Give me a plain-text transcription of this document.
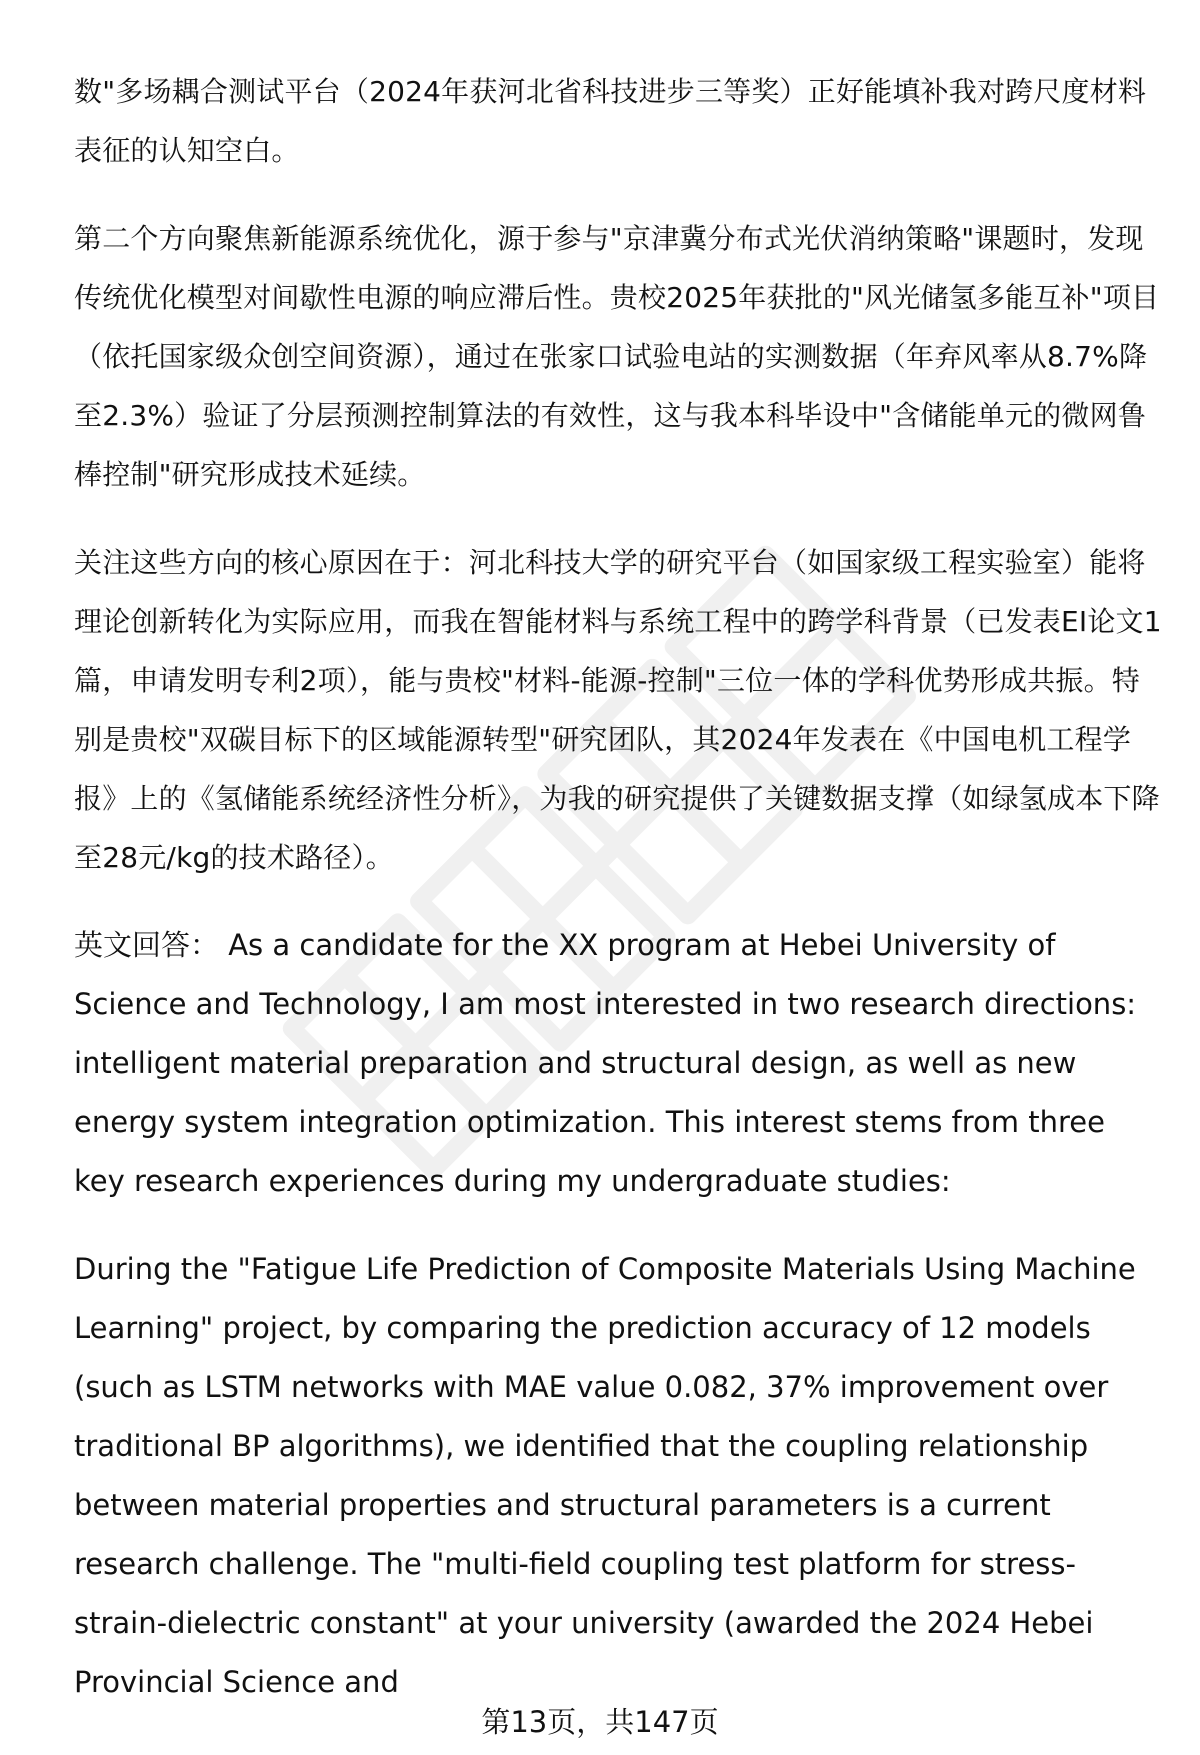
数"多场耦合测试平台（2024年获河北省科技进步三等奖）正好能填补我对跨尺度材料表征的认知空白。

第二个方向聚焦新能源系统优化，源于参与"京津冀分布式光伏消纳策略"课题时，发现传统优化模型对间歇性电源的响应滞后性。贵校2025年获批的"风光储氢多能互补"项目（依托国家级众创空间资源），通过在张家口试验电站的实测数据（年弃风率从8.7%降至2.3%）验证了分层预测控制算法的有效性，这与我本科毕设中"含储能单元的微网鲁棒控制"研究形成技术延续。

关注这些方向的核心原因在于：河北科技大学的研究平台（如国家级工程实验室）能将理论创新转化为实际应用，而我在智能材料与系统工程中的跨学科背景（已发表EI论文1篇，申请发明专利2项），能与贵校"材料-能源-控制"三位一体的学科优势形成共振。特别是贵校"双碳目标下的区域能源转型"研究团队，其2024年发表在《中国电机工程学报》上的《氢储能系统经济性分析》，为我的研究提供了关键数据支撑（如绿氢成本下降至28元/kg的技术路径）。

英文回答： As a candidate for the XX program at Hebei University of Science and Technology, I am most interested in two research directions: intelligent material preparation and structural design, as well as new energy system integration optimization. This interest stems from three key research experiences during my undergraduate studies:

During the "Fatigue Life Prediction of Composite Materials Using Machine Learning" project, by comparing the prediction accuracy of 12 models (such as LSTM networks with MAE value 0.082, 37% improvement over traditional BP algorithms), we identified that the coupling relationship between material properties and structural parameters is a current research challenge. The "multi-field coupling test platform for stress-strain-dielectric constant" at your university (awarded the 2024 Hebei Provincial Science and

第13页，共147页
